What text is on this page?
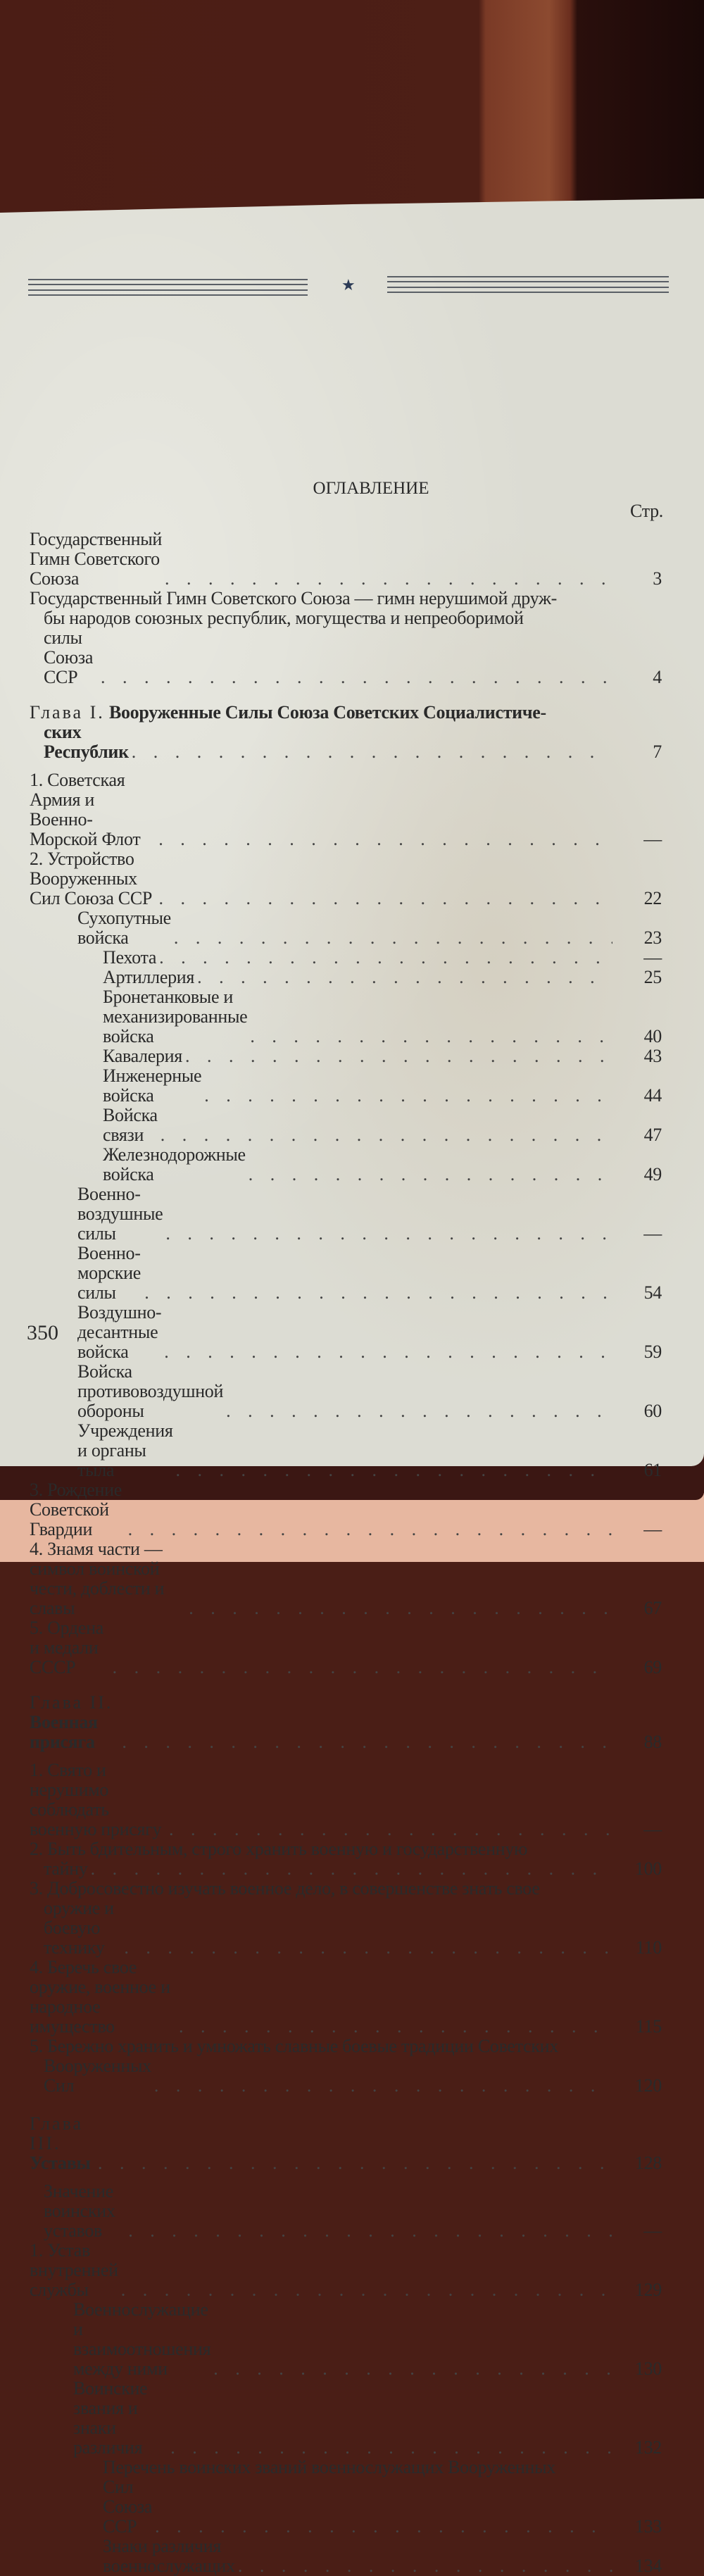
★
ОГЛАВЛЕНИЕ
Стр.
Государственный Гимн Советского Союза . . .	3
Государственный Гимн Советского Союза — гимн нерушимой друж-
бы народов союзных республик, могущества и непреоборимой
силы Союза ССР . . .	4
Глава I. Вооруженные Силы Союза Советских Социалистиче-
ских Республик . . .	7
1. Советская Армия и Военно-Морской Флот . . .	—
2. Устройство Вооруженных Сил Союза ССР . . .	22
Сухопутные войска . . .	23
Пехота . . .	—
Артиллерия . . .	25
Бронетанковые и механизированные войска . . .	40
Кавалерия . . .	43
Инженерные войска . . .	44
Войска связи . . .	47
Железнодорожные войска . . .	49
Военно-воздушные силы . . .	—
Военно-морские силы . . .	54
Воздушно-десантные войска . . .	59
Войска противовоздушной обороны . . .	60
Учреждения и органы тыла . . .	61
3. Рождение Советской Гвардии . . .	—
4. Знамя части — символ воинской чести, доблести и славы . . .	67
5. Ордена и медали СССР . . .	69
Глава II. Военная присяга . . .	88
1. Свято и нерушимо соблюдать военную присягу . . .	—
2. Быть бдительным, строго хранить военную и государственную
тайну . . .	100
3. Добросовестно изучать военное дело, в совершенстве знать свое
оружие и боевую технику . . .	110
4. Беречь свое оружие, военное и народное имущество . . .	115
5. Бережно хранить и умножать славные боевые традиции Советских
Вооруженных Сил . . .	120
Глава III. Уставы . . .	128
Значение воинских уставов . . .	—
1. Устав внутренней службы . . .	129
Военнослужащие и взаимоотношения между ними . . .	130
Воинские звания и знаки различия . . .	132
Перечень воинских званий военнослужащих Вооруженных
Сил Союза ССР . . .	133
Знаки различия военнослужащих . . .	134
350
